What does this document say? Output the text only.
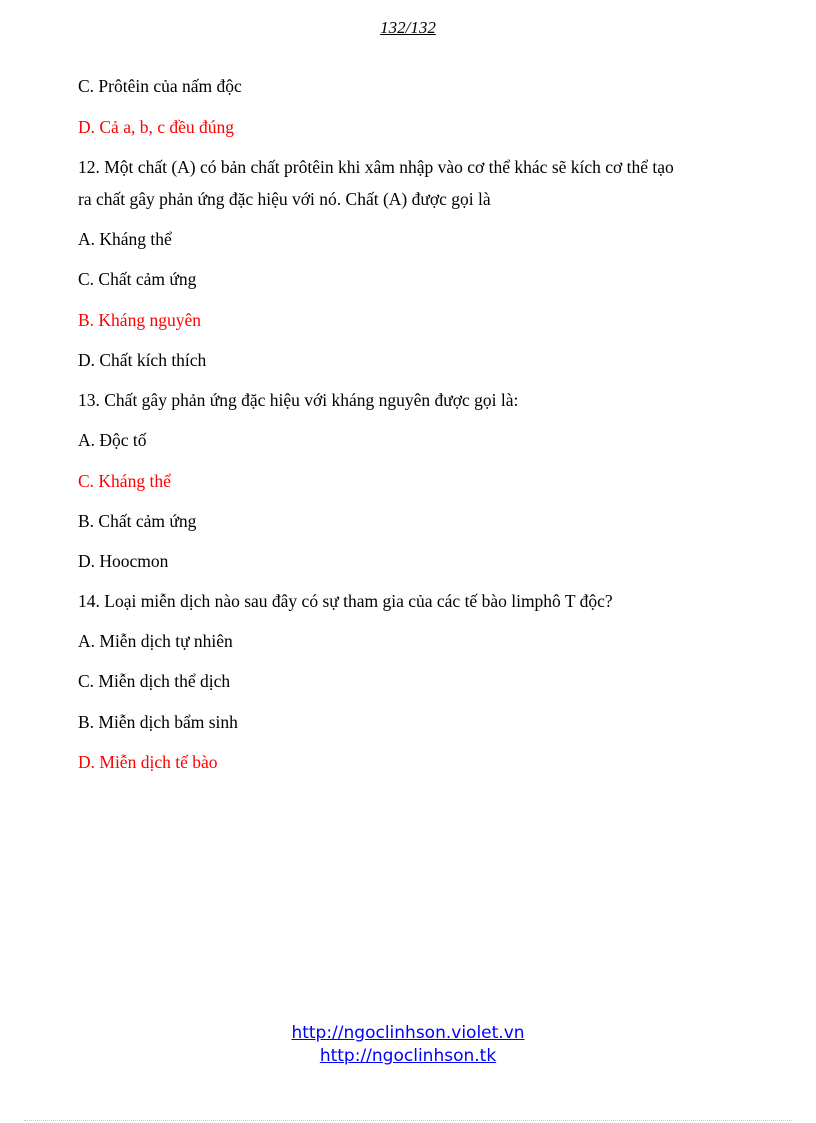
132/132
C. Prôtêin của nấm độc
D. Cả a, b, c đều đúng
12. Một chất (A) có bản chất prôtêin khi xâm nhập vào cơ thể khác sẽ kích cơ thể tạo
ra chất gây phản ứng đặc hiệu với nó. Chất (A) được gọi là
A. Kháng thể
C. Chất cảm ứng
B. Kháng nguyên
D. Chất kích thích
13. Chất gây phản ứng đặc hiệu với kháng nguyên được gọi là:
A. Độc tố
C. Kháng thể
B. Chất cảm ứng
D. Hoocmon
14. Loại miễn dịch nào sau đây có sự tham gia của các tế bào limphô T độc?
A. Miễn dịch tự nhiên
C. Miễn dịch thể dịch
B. Miễn dịch bẩm sinh
D. Miễn dịch tế bào
http://ngoclinhson.violet.vn
http://ngoclinhson.tk
